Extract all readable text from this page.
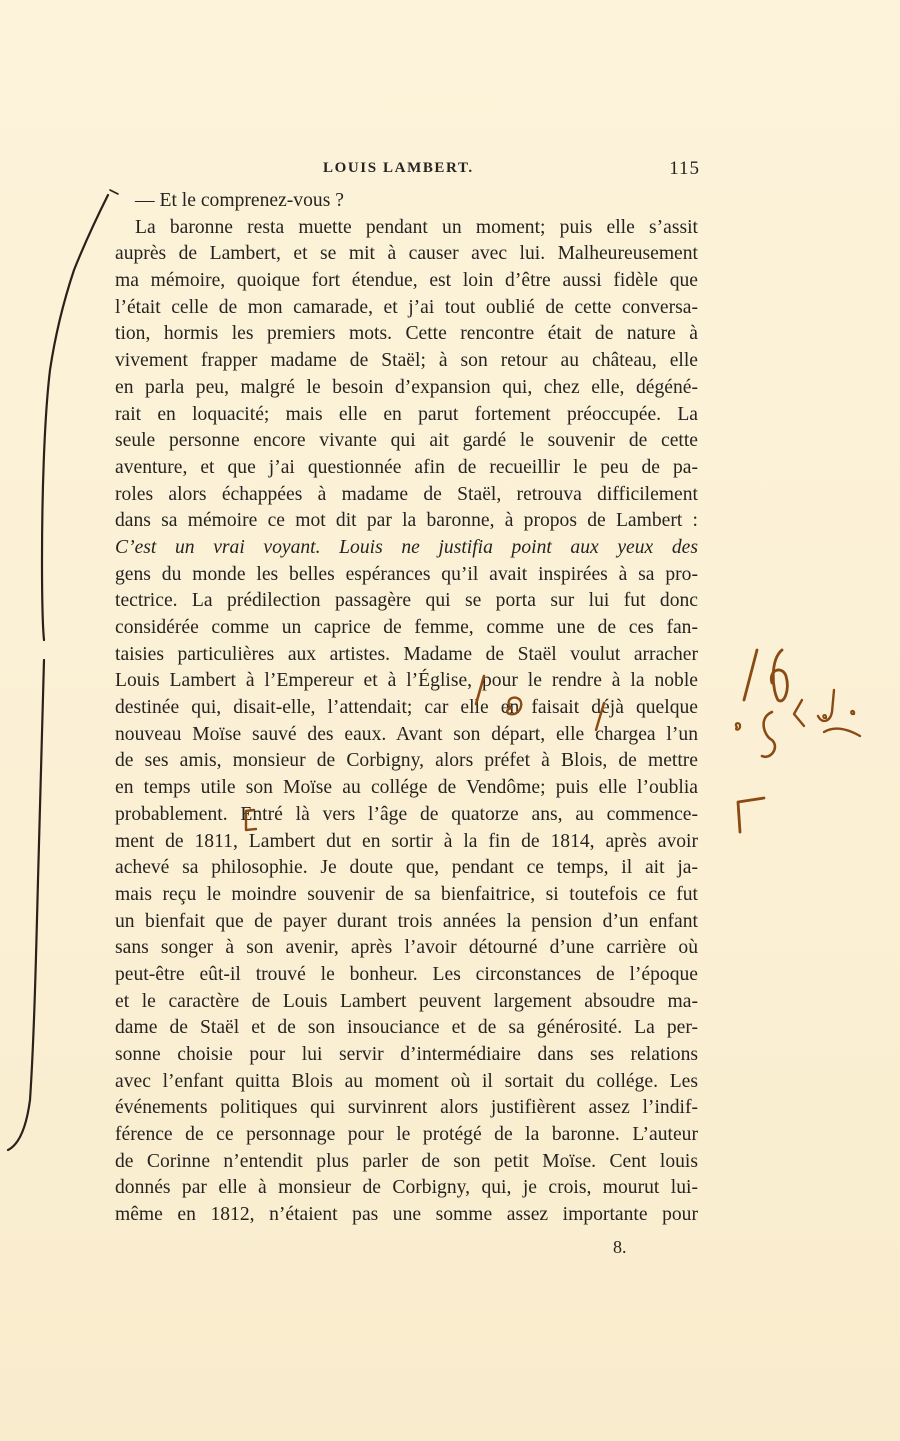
LOUIS LAMBERT.	115
— Et le comprenez-vous ?
La baronne resta muette pendant un moment; puis elle s’assit
auprès de Lambert, et se mit à causer avec lui. Malheureusement
ma mémoire, quoique fort étendue, est loin d’être aussi fidèle que
l’était celle de mon camarade, et j’ai tout oublié de cette conversa-
tion, hormis les premiers mots. Cette rencontre était de nature à
vivement frapper madame de Staël; à son retour au château, elle
en parla peu, malgré le besoin d’expansion qui, chez elle, dégéné-
rait en loquacité; mais elle en parut fortement préoccupée. La
seule personne encore vivante qui ait gardé le souvenir de cette
aventure, et que j’ai questionnée afin de recueillir le peu de pa-
roles alors échappées à madame de Staël, retrouva difficilement
dans sa mémoire ce mot dit par la baronne, à propos de Lambert :
C’est un vrai voyant. Louis ne justifia point aux yeux des
gens du monde les belles espérances qu’il avait inspirées à sa pro-
tectrice. La prédilection passagère qui se porta sur lui fut donc
considérée comme un caprice de femme, comme une de ces fan-
taisies particulières aux artistes. Madame de Staël voulut arracher
Louis Lambert à l’Empereur et à l’Église, pour le rendre à la noble
destinée qui, disait-elle, l’attendait; car elle en faisait déjà quelque
nouveau Moïse sauvé des eaux. Avant son départ, elle chargea l’un
de ses amis, monsieur de Corbigny, alors préfet à Blois, de mettre
en temps utile son Moïse au collége de Vendôme; puis elle l’oublia
probablement. Entré là vers l’âge de quatorze ans, au commence-
ment de 1811, Lambert dut en sortir à la fin de 1814, après avoir
achevé sa philosophie. Je doute que, pendant ce temps, il ait ja-
mais reçu le moindre souvenir de sa bienfaitrice, si toutefois ce fut
un bienfait que de payer durant trois années la pension d’un enfant
sans songer à son avenir, après l’avoir détourné d’une carrière où
peut-être eût-il trouvé le bonheur. Les circonstances de l’époque
et le caractère de Louis Lambert peuvent largement absoudre ma-
dame de Staël et de son insouciance et de sa générosité. La per-
sonne choisie pour lui servir d’intermédiaire dans ses relations
avec l’enfant quitta Blois au moment où il sortait du collége. Les
événements politiques qui survinrent alors justifièrent assez l’indif-
férence de ce personnage pour le protégé de la baronne. L’auteur
de Corinne n’entendit plus parler de son petit Moïse. Cent louis
donnés par elle à monsieur de Corbigny, qui, je crois, mourut lui-
même en 1812, n’étaient pas une somme assez importante pour
8.
